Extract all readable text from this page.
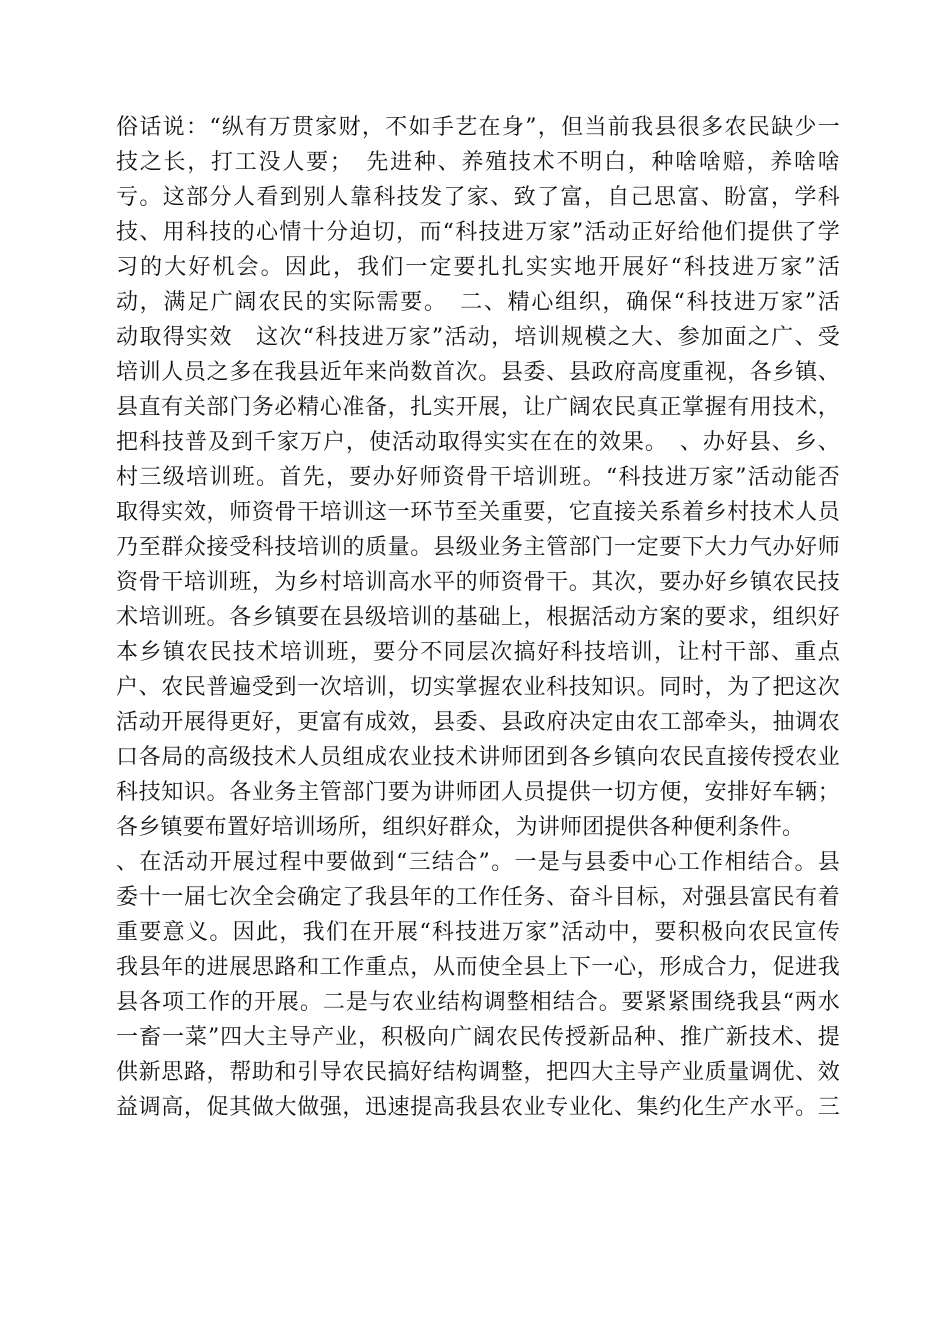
俗话说：“纵有万贯家财，不如手艺在身”，但当前我县很多农民缺少一
技之长，打工没人要；　先进种、养殖技术不明白，种啥啥赔，养啥啥
亏。这部分人看到别人靠科技发了家、致了富，自己思富、盼富，学科
技、用科技的心情十分迫切，而“科技进万家”活动正好给他们提供了学
习的大好机会。因此，我们一定要扎扎实实地开展好“科技进万家”活
动，满足广阔农民的实际需要。　二、精心组织，确保“科技进万家”活
动取得实效　这次“科技进万家”活动，培训规模之大、参加面之广、受
培训人员之多在我县近年来尚数首次。县委、县政府高度重视，各乡镇、
县直有关部门务必精心准备，扎实开展，让广阔农民真正掌握有用技术，
把科技普及到千家万户，使活动取得实实在在的效果。　、办好县、乡、
村三级培训班。首先，要办好师资骨干培训班。“科技进万家”活动能否
取得实效，师资骨干培训这一环节至关重要，它直接关系着乡村技术人员
乃至群众接受科技培训的质量。县级业务主管部门一定要下大力气办好师
资骨干培训班，为乡村培训高水平的师资骨干。其次，要办好乡镇农民技
术培训班。各乡镇要在县级培训的基础上，根据活动方案的要求，组织好
本乡镇农民技术培训班，要分不同层次搞好科技培训，让村干部、重点
户、农民普遍受到一次培训，切实掌握农业科技知识。同时，为了把这次
活动开展得更好，更富有成效，县委、县政府决定由农工部牵头，抽调农
口各局的高级技术人员组成农业技术讲师团到各乡镇向农民直接传授农业
科技知识。各业务主管部门要为讲师团人员提供一切方便，安排好车辆；
各乡镇要布置好培训场所，组织好群众，为讲师团提供各种便利条件。
、在活动开展过程中要做到“三结合”。一是与县委中心工作相结合。县
委十一届七次全会确定了我县年的工作任务、奋斗目标，对强县富民有着
重要意义。因此，我们在开展“科技进万家”活动中，要积极向农民宣传
我县年的进展思路和工作重点，从而使全县上下一心，形成合力，促进我
县各项工作的开展。二是与农业结构调整相结合。要紧紧围绕我县“两水
一畜一菜”四大主导产业，积极向广阔农民传授新品种、推广新技术、提
供新思路，帮助和引导农民搞好结构调整，把四大主导产业质量调优、效
益调高，促其做大做强，迅速提高我县农业专业化、集约化生产水平。三
